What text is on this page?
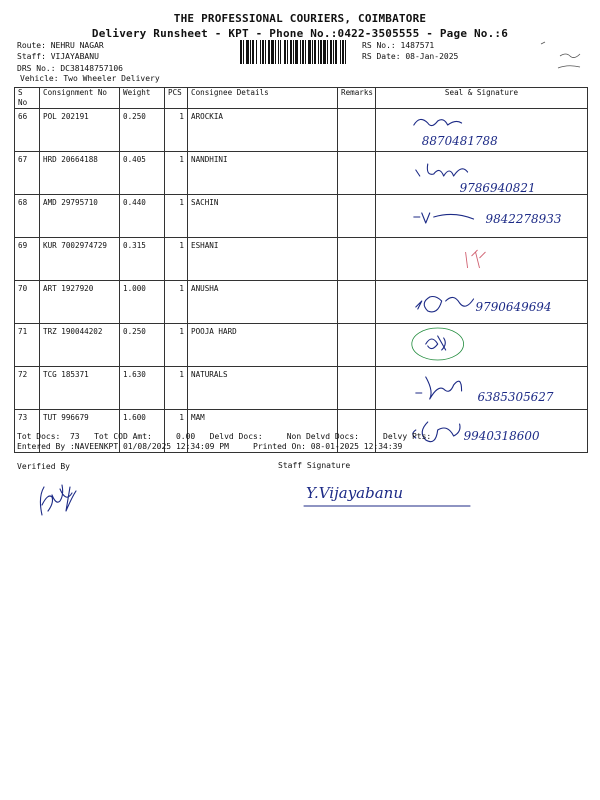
THE PROFESSIONAL COURIERS, COIMBATORE
Delivery Runsheet - KPT - Phone No.:0422-3505555 - Page No.:6
Route: NEHRU NAGAR
Staff: VIJAYABANU
DRS No.: DC38148757106
Vehicle: Two Wheeler Delivery
RS No.: 1487571
RS Date: 08-Jan-2025
S No	Consignment No	Weight	PCS	Consignee Details	Remarks	Seal & Signature
66	POL 202191	0.250	1	AROCKIA		8870481788

67	HRD 20664188	0.405	1	NANDHINI		9786940821

68	AMD 29795710	0.440	1	SACHIN		9842278933

69	KUR 7002974729	0.315	1	ESHANI		

70	ART 1927920	1.000	1	ANUSHA		9790649694

71	TRZ 190044202	0.250	1	POOJA HARD		

72	TCG 185371	1.630	1	NATURALS		6385305627

73	TUT 996679	1.600	1	MAM		9940318600
Tot Docs:  73   Tot COD Amt:     0.00   Delvd Docs:     Non Delvd Docs:     Delvy Pts:
Entered By :NAVEENKPT 01/08/2025 12:34:09 PM     Printed On: 08-01-2025 12:34:39
Verified By	Staff Signature
Y.Vijayabanu
